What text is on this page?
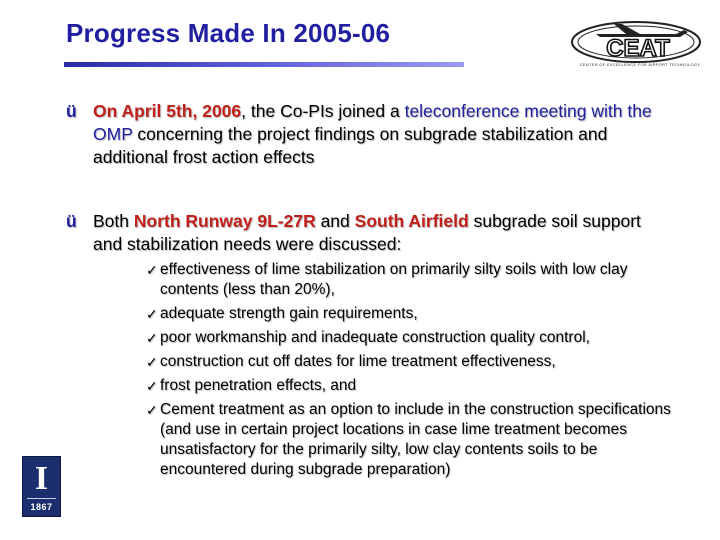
Progress Made In 2005-06
CEAT
CENTER OF EXCELLENCE FOR AIRPORT TECHNOLOGY
ü On April 5th, 2006, the Co-PIs joined a teleconference meeting with the OMP concerning the project findings on subgrade stabilization and additional frost action effects
ü Both North Runway 9L-27R and South Airfield subgrade soil support and stabilization needs were discussed:
✓ effectiveness of lime stabilization on primarily silty soils with low clay contents (less than 20%),
✓ adequate strength gain requirements,
✓ poor workmanship and inadequate construction quality control,
✓ construction cut off dates for lime treatment effectiveness,
✓ frost penetration effects, and
✓ Cement treatment as an option to include in the construction specifications (and use in certain project locations in case lime treatment becomes unsatisfactory for the primarily silty, low clay contents soils to be encountered during subgrade preparation)
I
1867
